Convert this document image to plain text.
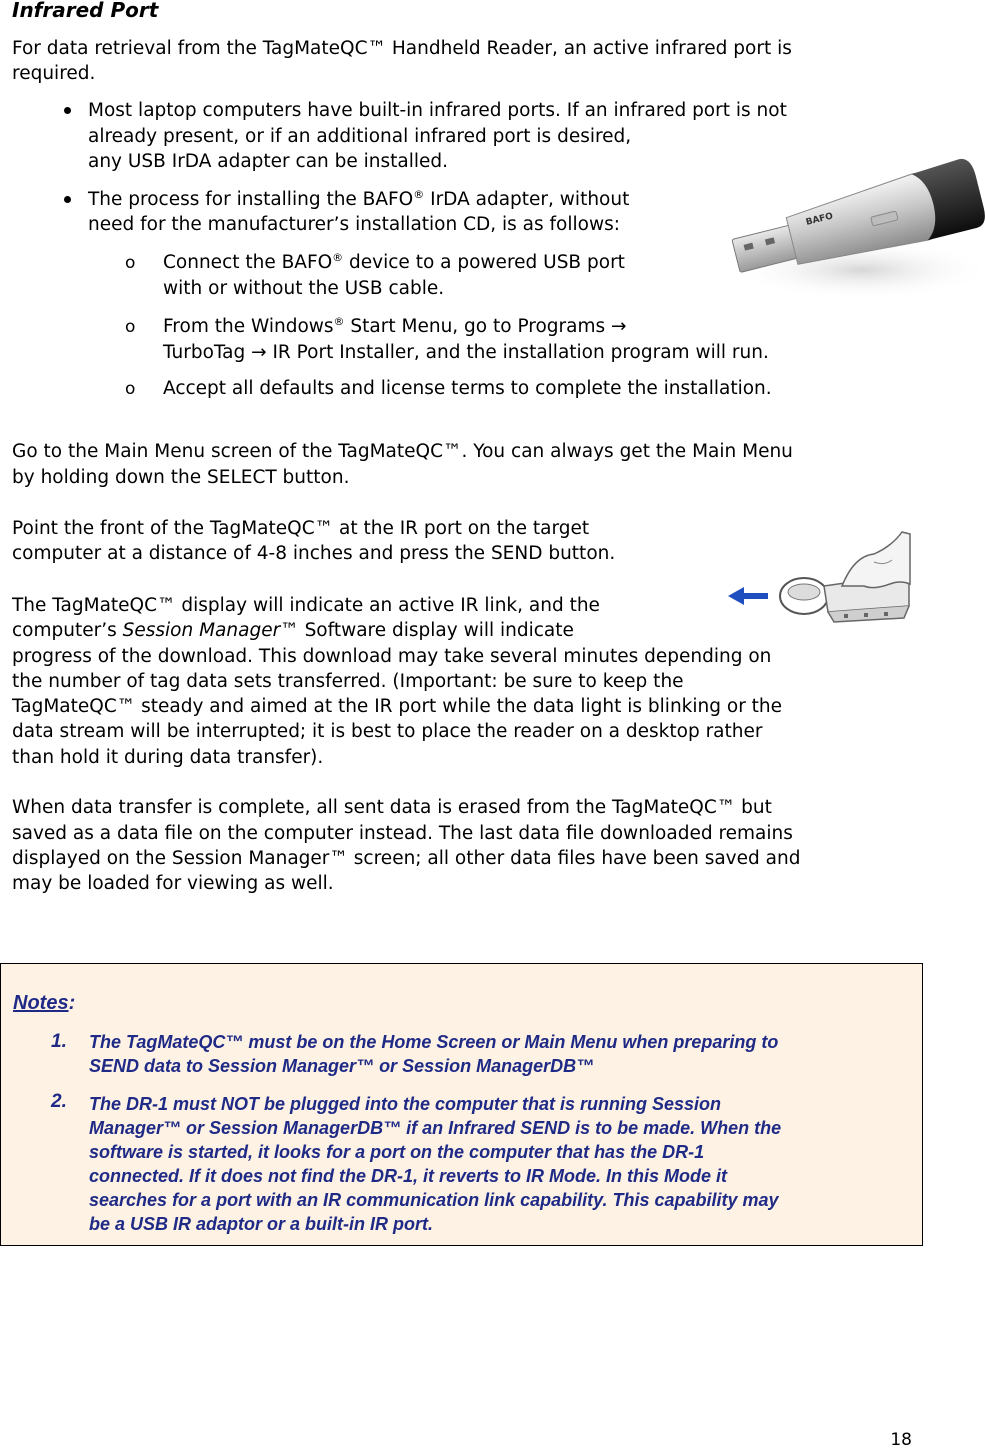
Infrared Port
For data retrieval from the TagMateQC™ Handheld Reader, an active infrared port is
required.
Most laptop computers have built-in infrared ports. If an infrared port is not
already present, or if an additional infrared port is desired,
any USB IrDA adapter can be installed.
The process for installing the BAFO® IrDA adapter, without
need for the manufacturer’s installation CD, is as follows:
o Connect the BAFO® device to a powered USB port
with or without the USB cable.
o From the Windows® Start Menu, go to Programs →
TurboTag → IR Port Installer, and the installation program will run.
o Accept all defaults and license terms to complete the installation.
BAFO
Go to the Main Menu screen of the TagMateQC™. You can always get the Main Menu
by holding down the SELECT button.
Point the front of the TagMateQC™ at the IR port on the target
computer at a distance of 4-8 inches and press the SEND button.
The TagMateQC™ display will indicate an active IR link, and the
computer’s Session Manager™ Software display will indicate
progress of the download. This download may take several minutes depending on
the number of tag data sets transferred. (Important: be sure to keep the
TagMateQC™ steady and aimed at the IR port while the data light is blinking or the
data stream will be interrupted; it is best to place the reader on a desktop rather
than hold it during data transfer).
When data transfer is complete, all sent data is erased from the TagMateQC™ but
saved as a data file on the computer instead. The last data file downloaded remains
displayed on the Session Manager™ screen; all other data files have been saved and
may be loaded for viewing as well.
Notes:
1. The TagMateQC™ must be on the Home Screen or Main Menu when preparing to
SEND data to Session Manager™ or Session ManagerDB™
2. The DR-1 must NOT be plugged into the computer that is running Session
Manager™ or Session ManagerDB™ if an Infrared SEND is to be made. When the
software is started, it looks for a port on the computer that has the DR-1
connected. If it does not find the DR-1, it reverts to IR Mode. In this Mode it
searches for a port with an IR communication link capability. This capability may
be a USB IR adaptor or a built-in IR port.
18
